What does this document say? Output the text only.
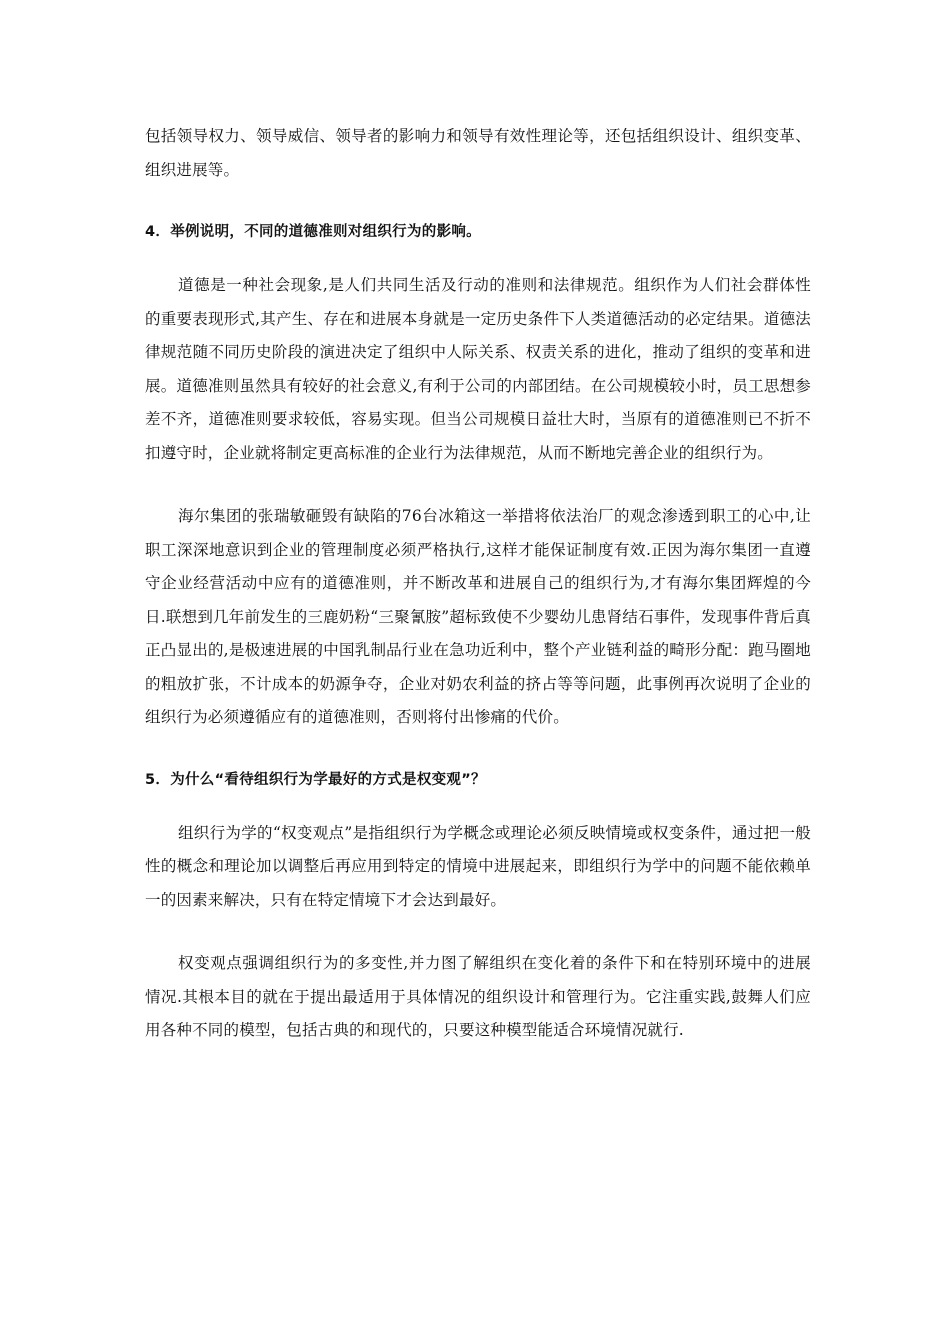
包括领导权力、领导威信、领导者的影响力和领导有效性理论等，还包括组织设计、组织变革、组织进展等。

4．举例说明，不同的道德准则对组织行为的影响。

道德是一种社会现象,是人们共同生活及行动的准则和法律规范。组织作为人们社会群体性的重要表现形式,其产生、存在和进展本身就是一定历史条件下人类道德活动的必定结果。道德法律规范随不同历史阶段的演进决定了组织中人际关系、权责关系的进化，推动了组织的变革和进展。道德准则虽然具有较好的社会意义,有利于公司的内部团结。在公司规模较小时，员工思想参差不齐，道德准则要求较低，容易实现。但当公司规模日益壮大时，当原有的道德准则已不折不扣遵守时，企业就将制定更高标准的企业行为法律规范，从而不断地完善企业的组织行为。

海尔集团的张瑞敏砸毁有缺陷的76台冰箱这一举措将依法治厂的观念渗透到职工的心中,让职工深深地意识到企业的管理制度必须严格执行,这样才能保证制度有效.正因为海尔集团一直遵守企业经营活动中应有的道德准则，并不断改革和进展自己的组织行为,才有海尔集团辉煌的今日.联想到几年前发生的三鹿奶粉“三聚氰胺”超标致使不少婴幼儿患肾结石事件，发现事件背后真正凸显出的,是极速进展的中国乳制品行业在急功近利中，整个产业链利益的畸形分配：跑马圈地的粗放扩张，不计成本的奶源争夺，企业对奶农利益的挤占等等问题，此事例再次说明了企业的组织行为必须遵循应有的道德准则，否则将付出惨痛的代价。

5．为什么“看待组织行为学最好的方式是权变观”？

组织行为学的“权变观点”是指组织行为学概念或理论必须反映情境或权变条件，通过把一般性的概念和理论加以调整后再应用到特定的情境中进展起来，即组织行为学中的问题不能依赖单一的因素来解决，只有在特定情境下才会达到最好。

权变观点强调组织行为的多变性,并力图了解组织在变化着的条件下和在特别环境中的进展情况.其根本目的就在于提出最适用于具体情况的组织设计和管理行为。它注重实践,鼓舞人们应用各种不同的模型，包括古典的和现代的，只要这种模型能适合环境情况就行.
